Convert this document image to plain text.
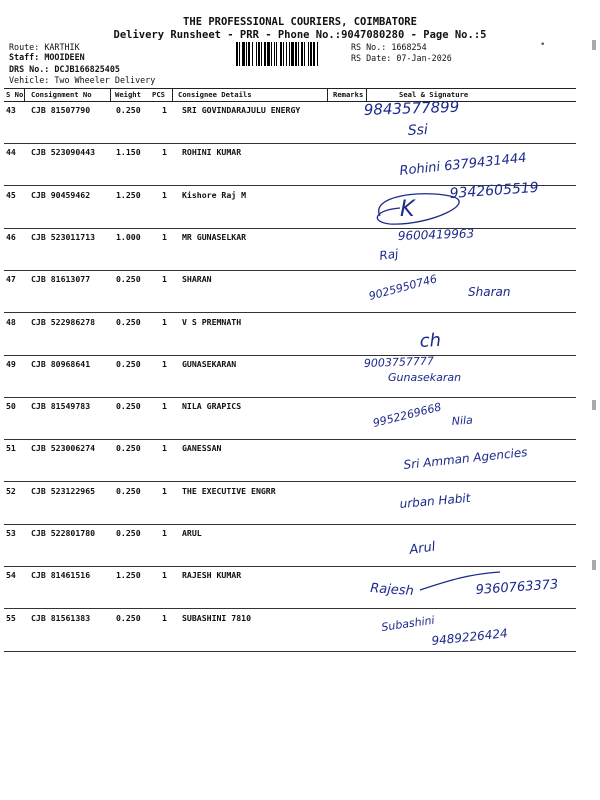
THE PROFESSIONAL COURIERS, COIMBATORE
Delivery Runsheet - PRR - Phone No.:9047080280 - Page No.:5
Route: KARTHIK
Staff: MOOIDEEN
DRS No.: DCJB166825405
Vehicle: Two Wheeler Delivery
RS No.: 1668254
RS Date: 07-Jan-2026
•
S No Consignment No	Weight PCS Consignee Details	Remarks	Seal & Signature
43 CJB 81507790	0.250	1 SRI GOVINDARAJULU ENERGY	9843577899
Ssi
44 CJB 523090443	1.150	1 ROHINI KUMAR	Rohini 6379431444
45 CJB 90459462	1.250	1 Kishore Raj M	9342605519
K
46 CJB 523011713	1.000	1 MR GUNASELKAR	9600419963
Raj
47 CJB 81613077	0.250	1 SHARAN	9025950746 Sharan
48 CJB 522986278	0.250	1 V S PREMNATH
ch
49 CJB 80968641	0.250	1 GUNASEKARAN	9003757777
Gunasekaran
50 CJB 81549783	0.250	1 NILA GRAPICS	9952269668 Nila
51 CJB 523006274	0.250	1 GANESSAN	Sri Amman Agencies
52 CJB 523122965	0.250	1 THE EXECUTIVE ENGRR	urban Habit
53 CJB 522801780	0.250	1 ARUL
Arul
54 CJB 81461516	1.250	1 RAJESH KUMAR
Rajesh	9360763373
55 CJB 81561383	0.250	1 SUBASHINI 7810	Subashini
9489226424
